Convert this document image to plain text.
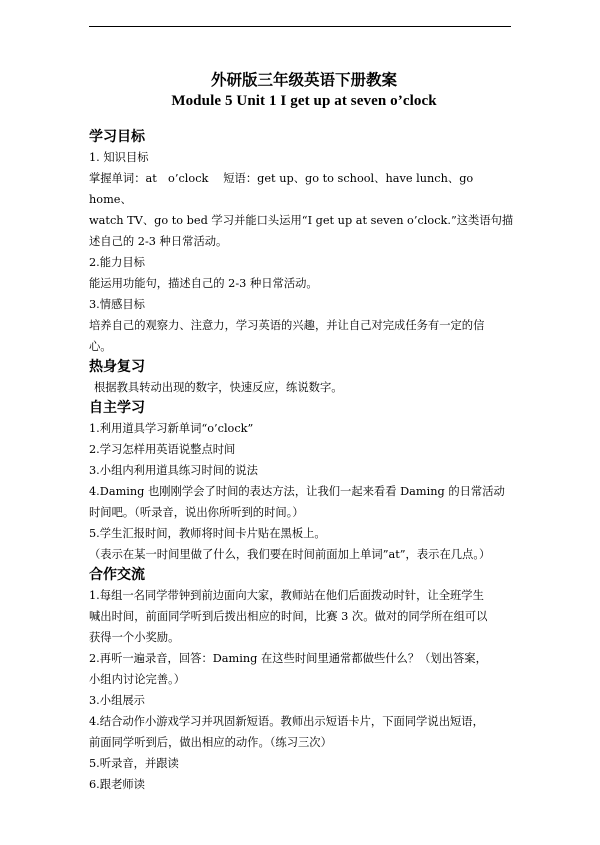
外研版三年级英语下册教案
Module 5 Unit 1 I get up at seven o’clock
学习目标
1. 知识目标
掌握单词：at　o’clock　 短语：get up、go to school、have lunch、go home、
watch TV、go to bed 学习并能口头运用“I get up at seven o’clock.”这类语句描
述自己的 2-3 种日常活动。
2.能力目标
能运用功能句，描述自己的 2-3 种日常活动。
3.情感目标
培养自己的观察力、注意力，学习英语的兴趣，并让自己对完成任务有一定的信
心。
热身复习
根据教具转动出现的数字，快速反应，练说数字。
自主学习
1.利用道具学习新单词“o’clock”
2.学习怎样用英语说整点时间
3.小组内利用道具练习时间的说法
4.Daming 也刚刚学会了时间的表达方法，让我们一起来看看 Daming 的日常活动
时间吧。（听录音，说出你所听到的时间。）
5.学生汇报时间，教师将时间卡片贴在黑板上。
（表示在某一时间里做了什么，我们要在时间前面加上单词”at”，表示在几点。）
合作交流
1.每组一名同学带钟到前边面向大家，教师站在他们后面拨动时针，让全班学生
喊出时间，前面同学听到后拨出相应的时间，比赛 3 次。做对的同学所在组可以
获得一个小奖励。
2.再听一遍录音，回答：Daming 在这些时间里通常都做些什么？（划出答案，
小组内讨论完善。）
3.小组展示
4.结合动作小游戏学习并巩固新短语。教师出示短语卡片，下面同学说出短语，
前面同学听到后，做出相应的动作。（练习三次）
5.听录音，并跟读
6.跟老师读
